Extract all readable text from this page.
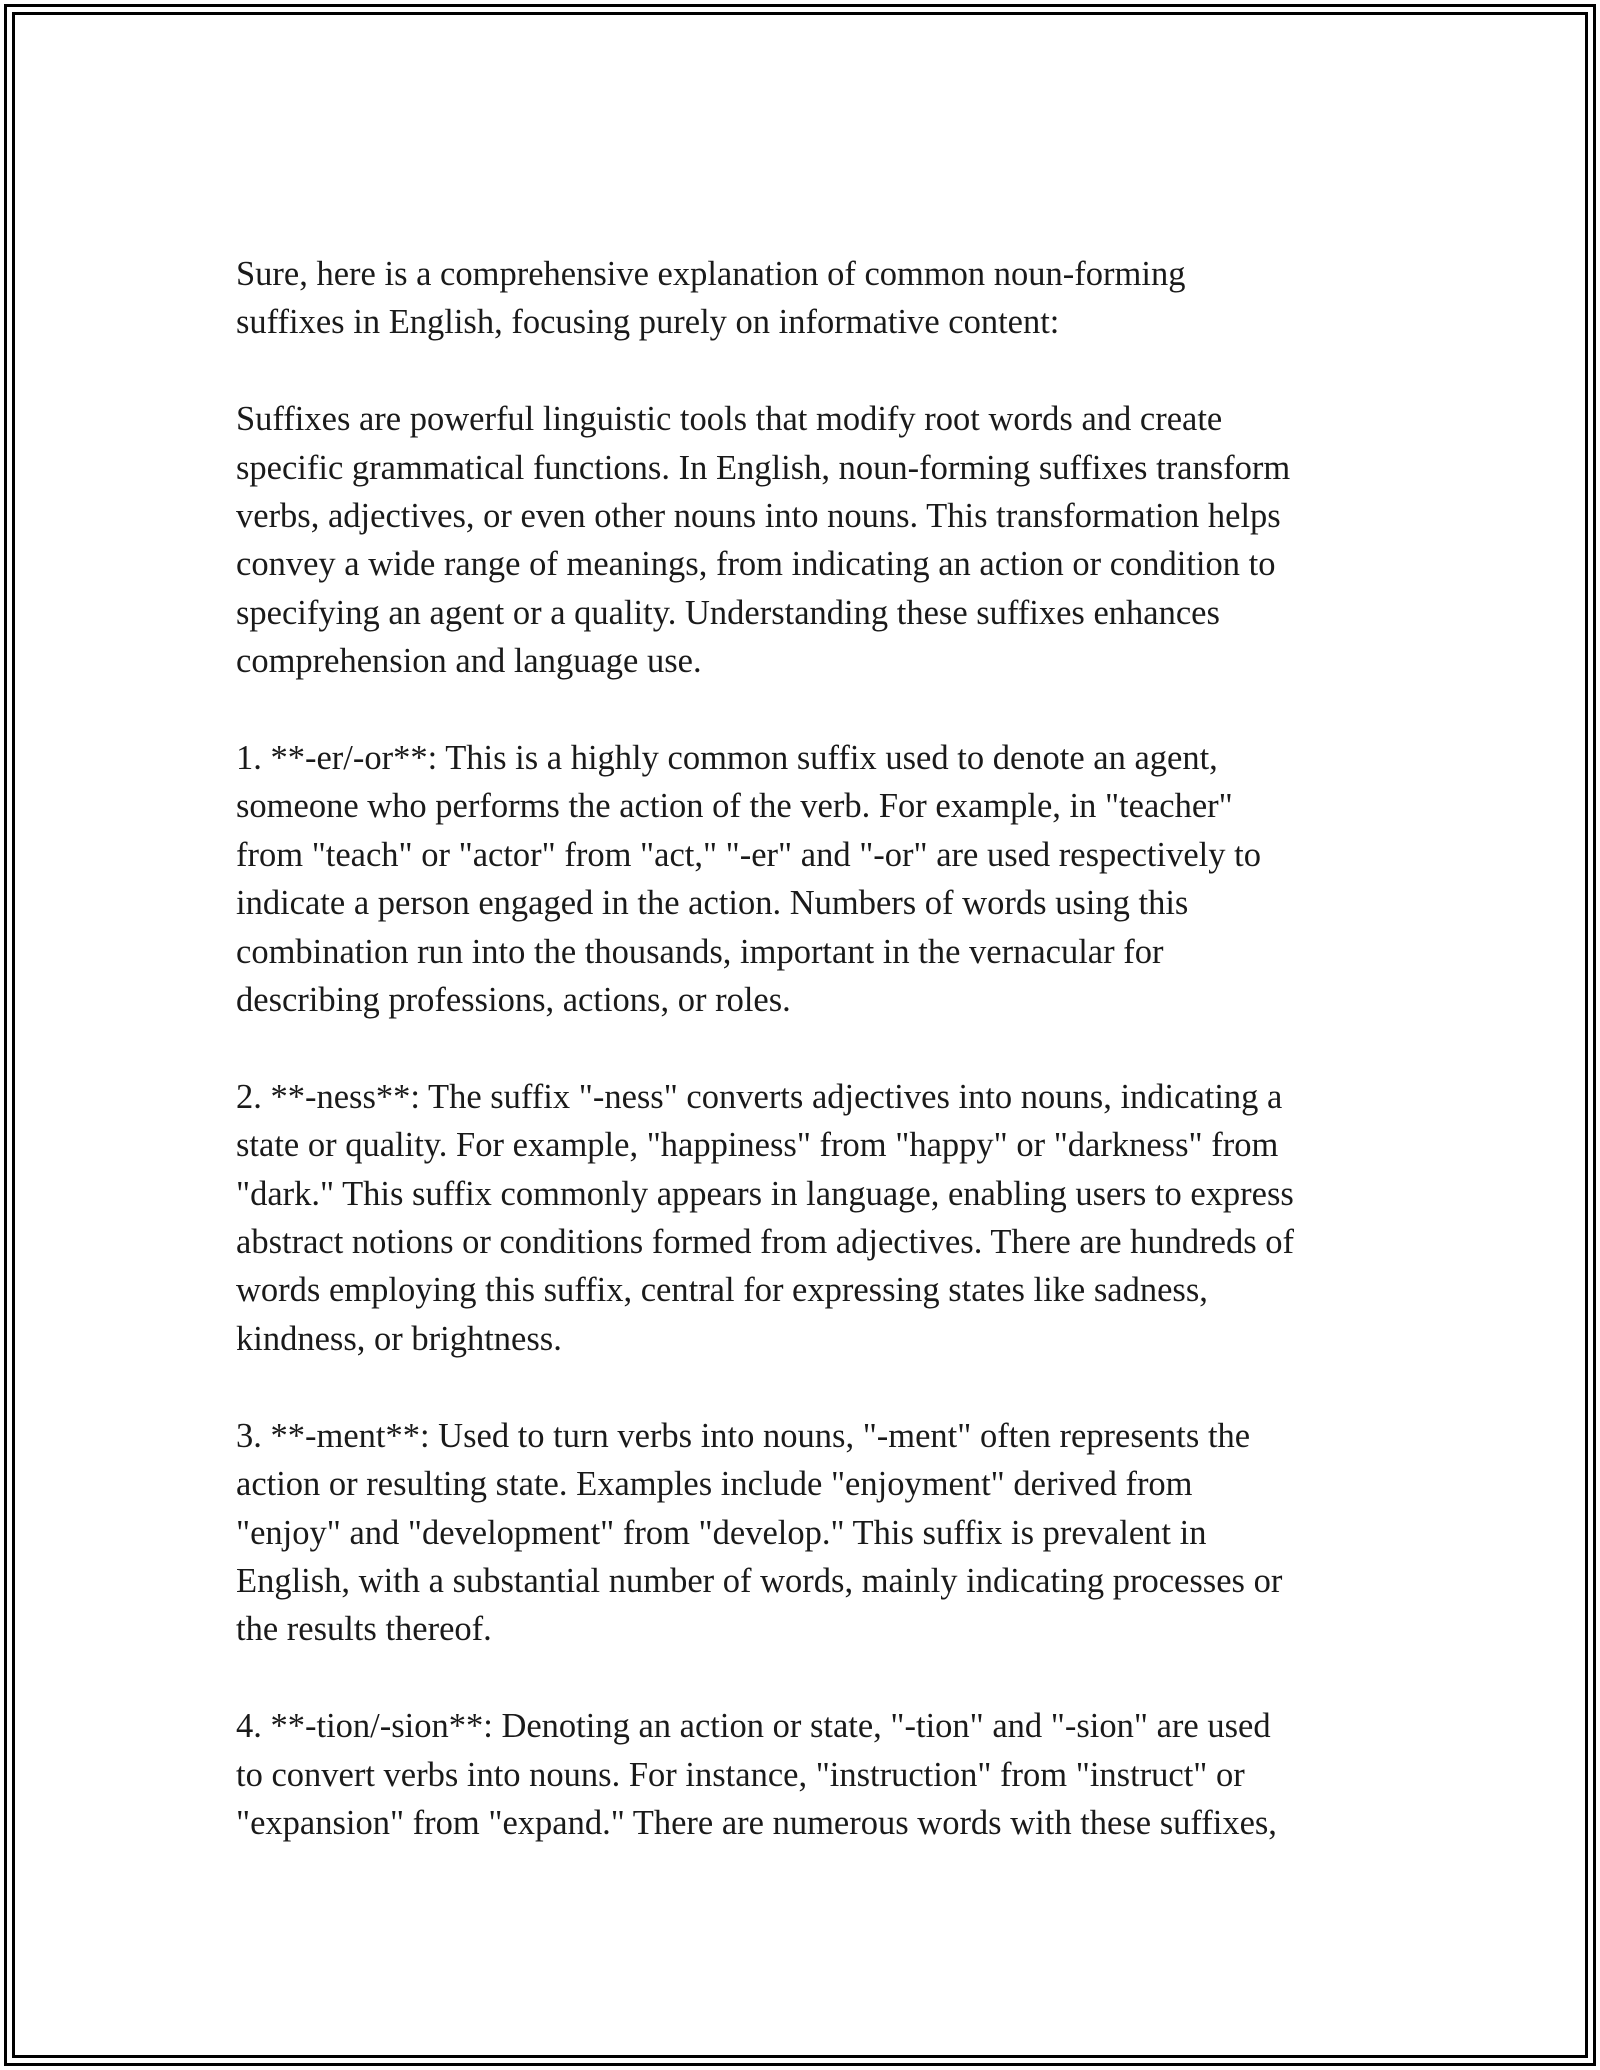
Sure, here is a comprehensive explanation of common noun-forming
suffixes in English, focusing purely on informative content:

Suffixes are powerful linguistic tools that modify root words and create
specific grammatical functions. In English, noun-forming suffixes transform
verbs, adjectives, or even other nouns into nouns. This transformation helps
convey a wide range of meanings, from indicating an action or condition to
specifying an agent or a quality. Understanding these suffixes enhances
comprehension and language use.

1. **-er/-or**: This is a highly common suffix used to denote an agent,
someone who performs the action of the verb. For example, in "teacher"
from "teach" or "actor" from "act," "-er" and "-or" are used respectively to
indicate a person engaged in the action. Numbers of words using this
combination run into the thousands, important in the vernacular for
describing professions, actions, or roles.

2. **-ness**: The suffix "-ness" converts adjectives into nouns, indicating a
state or quality. For example, "happiness" from "happy" or "darkness" from
"dark." This suffix commonly appears in language, enabling users to express
abstract notions or conditions formed from adjectives. There are hundreds of
words employing this suffix, central for expressing states like sadness,
kindness, or brightness.

3. **-ment**: Used to turn verbs into nouns, "-ment" often represents the
action or resulting state. Examples include "enjoyment" derived from
"enjoy" and "development" from "develop." This suffix is prevalent in
English, with a substantial number of words, mainly indicating processes or
the results thereof.

4. **-tion/-sion**: Denoting an action or state, "-tion" and "-sion" are used
to convert verbs into nouns. For instance, "instruction" from "instruct" or
"expansion" from "expand." There are numerous words with these suffixes,
